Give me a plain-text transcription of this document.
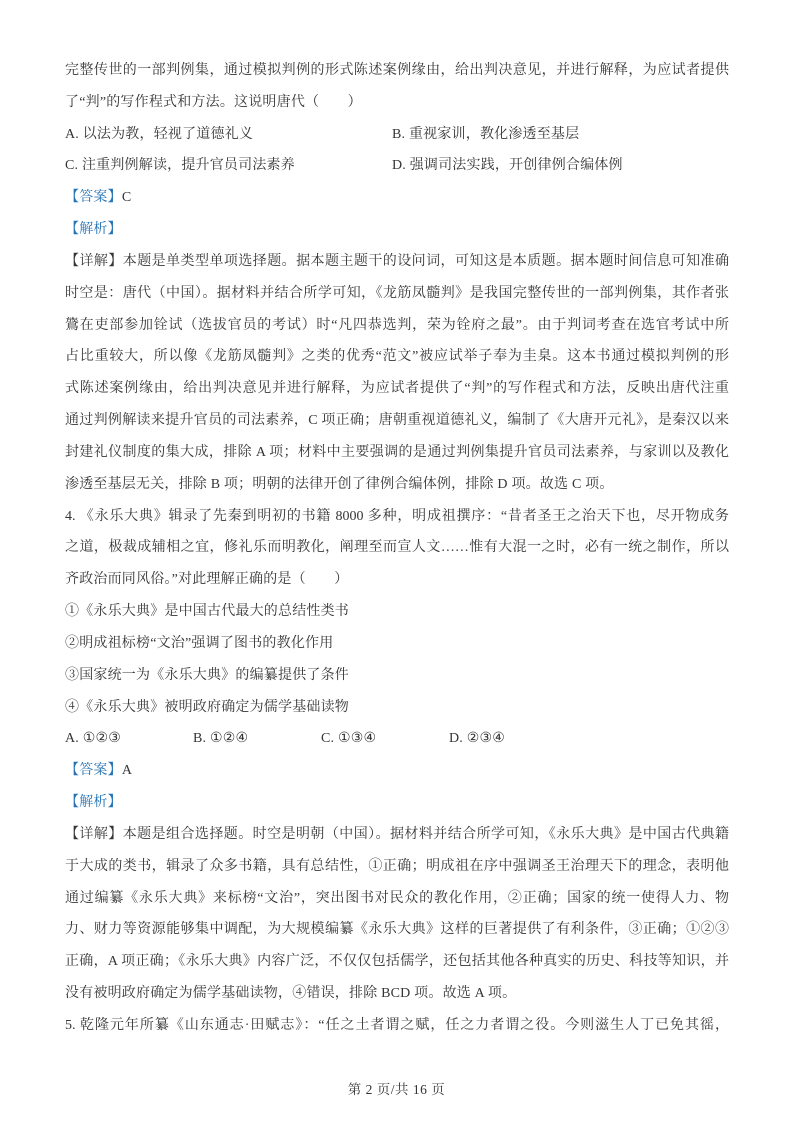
完整传世的一部判例集，通过模拟判例的形式陈述案例缘由，给出判决意见，并进行解释，为应试者提供
了“判”的写作程式和方法。这说明唐代（　　）
A. 以法为教，轻视了道德礼义	B. 重视家训，教化渗透至基层
C. 注重判例解读，提升官员司法素养	D. 强调司法实践，开创律例合编体例
【答案】C
【解析】
【详解】本题是单类型单项选择题。据本题主题干的设问词，可知这是本质题。据本题时间信息可知准确
时空是：唐代（中国）。据材料并结合所学可知，《龙筋凤髓判》是我国完整传世的一部判例集，其作者张
鷟在吏部参加铨试（选拔官员的考试）时“凡四恭选判，荣为铨府之最”。由于判词考查在选官考试中所
占比重较大，所以像《龙筋凤髓判》之类的优秀“范文”被应试举子奉为圭臬。这本书通过模拟判例的形
式陈述案例缘由，给出判决意见并进行解释，为应试者提供了“判”的写作程式和方法，反映出唐代注重
通过判例解读来提升官员的司法素养，C 项正确；唐朝重视道德礼义，编制了《大唐开元礼》，是秦汉以来
封建礼仪制度的集大成，排除 A 项；材料中主要强调的是通过判例集提升官员司法素养，与家训以及教化
渗透至基层无关，排除 B 项；明朝的法律开创了律例合编体例，排除 D 项。故选 C 项。
4. 《永乐大典》辑录了先秦到明初的书籍 8000 多种，明成祖撰序：“昔者圣王之治天下也，尽开物成务
之道，极裁成辅相之宜，修礼乐而明教化，阐理至而宣人文……惟有大混一之时，必有一统之制作，所以
齐政治而同风俗。”对此理解正确的是（　　）
①《永乐大典》是中国古代最大的总结性类书
②明成祖标榜“文治”强调了图书的教化作用
③国家统一为《永乐大典》的编纂提供了条件
④《永乐大典》被明政府确定为儒学基础读物
A. ①②③	B. ①②④	C. ①③④	D. ②③④
【答案】A
【解析】
【详解】本题是组合选择题。时空是明朝（中国）。据材料并结合所学可知，《永乐大典》是中国古代典籍
于大成的类书，辑录了众多书籍，具有总结性，①正确；明成祖在序中强调圣王治理天下的理念，表明他
通过编纂《永乐大典》来标榜“文治”，突出图书对民众的教化作用，②正确；国家的统一使得人力、物
力、财力等资源能够集中调配，为大规模编纂《永乐大典》这样的巨著提供了有利条件，③正确；①②③
正确，A 项正确；《永乐大典》内容广泛，不仅仅包括儒学，还包括其他各种真实的历史、科技等知识，并
没有被明政府确定为儒学基础读物，④错误，排除 BCD 项。故选 A 项。
5. 乾隆元年所纂《山东通志·田赋志》：“任之土者谓之赋，任之力者谓之役。今则滋生人丁已免其徭，
第 2 页/共 16 页
